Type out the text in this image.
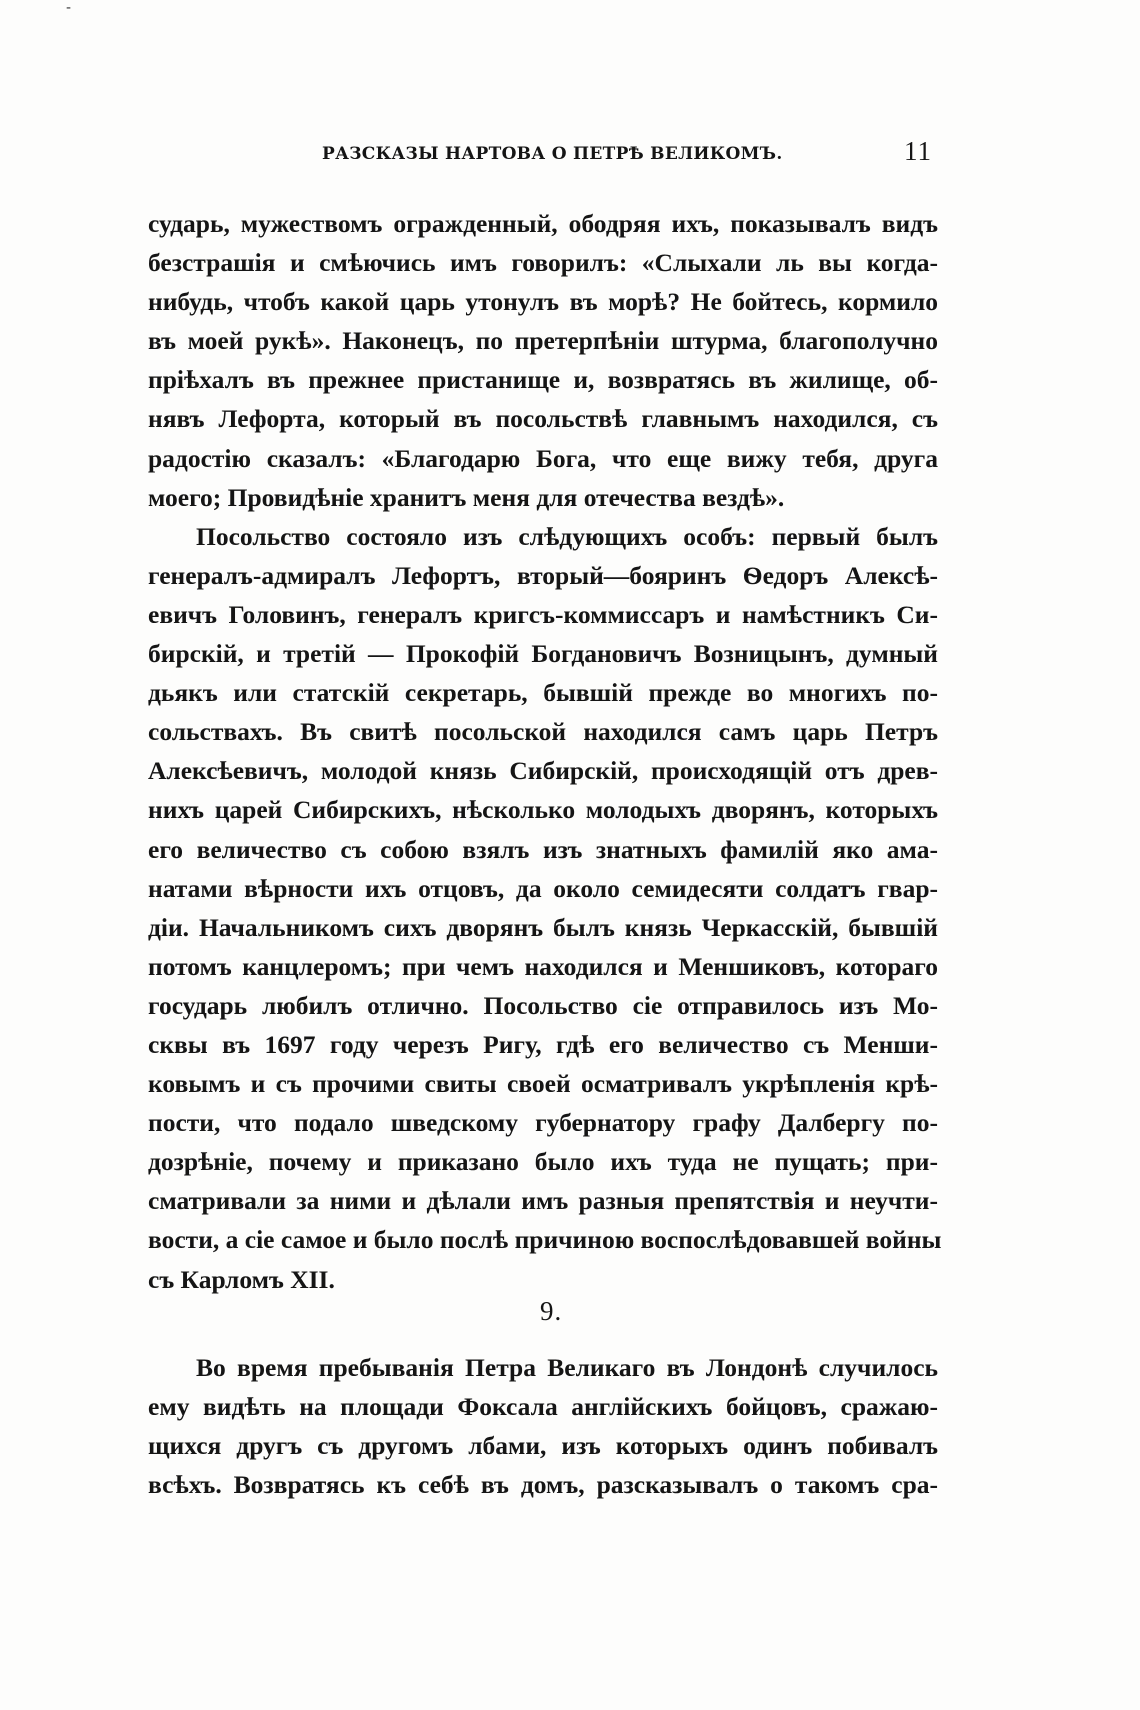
-
РАЗСКАЗЫ НАРТОВА О ПЕТРѢ ВЕЛИКОМЪ.	11
сударь, мужествомъ огражденный, ободряя ихъ, показывалъ видъ
безстрашія и смѣючись имъ говорилъ: «Слыхали ль вы когда-
нибудь, чтобъ какой царь утонулъ въ морѣ? Не бойтесь, кормило
въ моей рукѣ». Наконецъ, по претерпѣніи штурма, благополучно
пріѣхалъ въ прежнее пристанище и, возвратясь въ жилище, об-
нявъ Лефорта, который въ посольствѣ главнымъ находился, съ
радостію сказалъ: «Благодарю Бога, что еще вижу тебя, друга
моего; Провидѣніе хранитъ меня для отечества вездѣ».
Посольство состояло изъ слѣдующихъ особъ: первый былъ
генералъ-адмиралъ Лефортъ, вторый—бояринъ Ѳедоръ Алексѣ-
евичъ Головинъ, генералъ кригсъ-коммиссаръ и намѣстникъ Си-
бирскій, и третій — Прокофій Богдановичъ Возницынъ, думный
дьякъ или статскій секретарь, бывшій прежде во многихъ по-
сольствахъ. Въ свитѣ посольской находился самъ царь Петръ
Алексѣевичъ, молодой князь Сибирскій, происходящій отъ древ-
нихъ царей Сибирскихъ, нѣсколько молодыхъ дворянъ, которыхъ
его величество съ собою взялъ изъ знатныхъ фамилій яко ама-
натами вѣрности ихъ отцовъ, да около семидесяти солдатъ гвар-
діи. Начальникомъ сихъ дворянъ былъ князь Черкасскій, бывшій
потомъ канцлеромъ; при чемъ находился и Меншиковъ, котораго
государь любилъ отлично. Посольство сіе отправилось изъ Мо-
сквы въ 1697 году черезъ Ригу, гдѣ его величество съ Менши-
ковымъ и съ прочими свиты своей осматривалъ укрѣпленія крѣ-
пости, что подало шведскому губернатору графу Далбергу по-
дозрѣніе, почему и приказано было ихъ туда не пущать; при-
сматривали за ними и дѣлали имъ разныя препятствія и неучти-
вости, а сіе самое и было послѣ причиною воспослѣдовавшей войны
съ Карломъ XII.
9.
Во время пребыванія Петра Великаго въ Лондонѣ случилось
ему видѣть на площади Фоксала англійскихъ бойцовъ, сражаю-
щихся другъ съ другомъ лбами, изъ которыхъ одинъ побивалъ
всѣхъ. Возвратясь къ себѣ въ домъ, разсказывалъ о такомъ сра-
